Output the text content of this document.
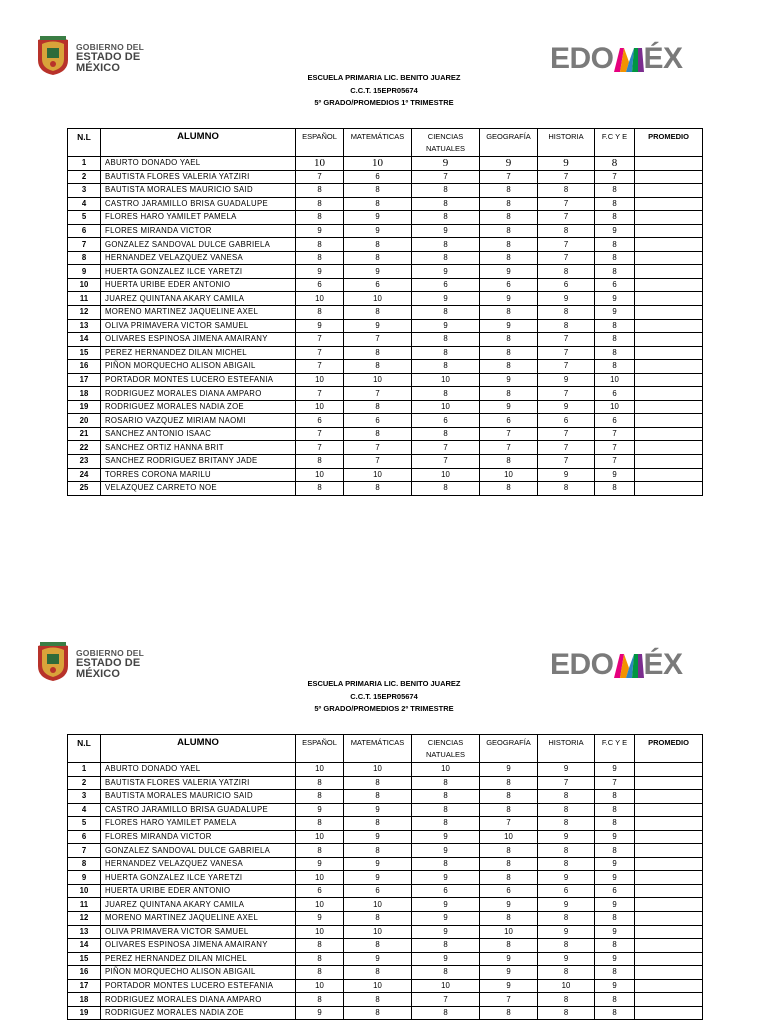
GOBIERNO DEL
ESTADO DE MÉXICO	EDO ÉX
ESCUELA PRIMARIA LIC. BENITO JUAREZ
C.C.T. 15EPR05674
5º GRADO/PROMEDIOS 1º TRIMESTRE
N.L	ALUMNO	ESPAÑOL	MATEMÁTICAS	CIENCIAS NATUALES	GEOGRAFÍA	HISTORIA	F.C Y E	PROMEDIO
1	ABURTO DONADO YAEL	10	10	9	9	9	8	
2	BAUTISTA FLORES VALERIA YATZIRI	7	6	7	7	7	7	
3	BAUTISTA MORALES MAURICIO SAID	8	8	8	8	8	8	
4	CASTRO JARAMILLO BRISA GUADALUPE	8	8	8	8	7	8	
5	FLORES HARO YAMILET PAMELA	8	9	8	8	7	8	
6	FLORES MIRANDA VICTOR	9	9	9	8	8	9	
7	GONZALEZ SANDOVAL DULCE GABRIELA	8	8	8	8	7	8	
8	HERNANDEZ VELAZQUEZ VANESA	8	8	8	8	7	8	
9	HUERTA GONZALEZ ILCE YARETZI	9	9	9	9	8	8	
10	HUERTA URIBE EDER ANTONIO	6	6	6	6	6	6	
11	JUAREZ QUINTANA AKARY CAMILA	10	10	9	9	9	9	
12	MORENO MARTINEZ JAQUELINE AXEL	8	8	8	8	8	9	
13	OLIVA PRIMAVERA VICTOR SAMUEL	9	9	9	9	8	8	
14	OLIVARES ESPINOSA JIMENA AMAIRANY	7	7	8	8	7	8	
15	PEREZ HERNANDEZ DILAN MICHEL	7	8	8	8	7	8	
16	PIÑON MORQUECHO ALISON ABIGAIL	7	8	8	8	7	8	
17	PORTADOR MONTES LUCERO ESTEFANIA	10	10	10	9	9	10	
18	RODRIGUEZ MORALES DIANA AMPARO	7	7	8	8	7	6	
19	RODRIGUEZ MORALES NADIA ZOE	10	8	10	9	9	10	
20	ROSARIO VAZQUEZ MIRIAM NAOMI	6	6	6	6	6	6	
21	SANCHEZ ANTONIO ISAAC	7	8	8	7	7	7	
22	SANCHEZ ORTIZ HANNA BRIT	7	7	7	7	7	7	
23	SANCHEZ RODRIGUEZ BRITANY JADE	8	7	7	8	7	7	
24	TORRES CORONA MARILU	10	10	10	10	9	9	
25	VELAZQUEZ CARRETO NOE	8	8	8	8	8	8	
GOBIERNO DEL
ESTADO DE MÉXICO	EDO ÉX
ESCUELA PRIMARIA LIC. BENITO JUAREZ
C.C.T. 15EPR05674
5º GRADO/PROMEDIOS 2º TRIMESTRE
N.L	ALUMNO	ESPAÑOL	MATEMÁTICAS	CIENCIAS NATUALES	GEOGRAFÍA	HISTORIA	F.C Y E	PROMEDIO
1	ABURTO DONADO YAEL	10	10	10	9	9	9	
2	BAUTISTA FLORES VALERIA YATZIRI	8	8	8	8	7	7	
3	BAUTISTA MORALES MAURICIO SAID	8	8	8	8	8	8	
4	CASTRO JARAMILLO BRISA GUADALUPE	9	9	8	8	8	8	
5	FLORES HARO YAMILET PAMELA	8	8	8	7	8	8	
6	FLORES MIRANDA VICTOR	10	9	9	10	9	9	
7	GONZALEZ SANDOVAL DULCE GABRIELA	8	8	9	8	8	8	
8	HERNANDEZ VELAZQUEZ VANESA	9	9	8	8	8	9	
9	HUERTA GONZALEZ ILCE YARETZI	10	9	9	8	9	9	
10	HUERTA URIBE EDER ANTONIO	6	6	6	6	6	6	
11	JUAREZ QUINTANA AKARY CAMILA	10	10	9	9	9	9	
12	MORENO MARTINEZ JAQUELINE AXEL	9	8	9	8	8	8	
13	OLIVA PRIMAVERA VICTOR SAMUEL	10	10	9	10	9	9	
14	OLIVARES ESPINOSA JIMENA AMAIRANY	8	8	8	8	8	8	
15	PEREZ HERNANDEZ DILAN MICHEL	8	9	9	9	9	9	
16	PIÑON MORQUECHO ALISON ABIGAIL	8	8	8	9	8	8	
17	PORTADOR MONTES LUCERO ESTEFANIA	10	10	10	9	10	9	
18	RODRIGUEZ MORALES DIANA AMPARO	8	8	7	7	8	8	
19	RODRIGUEZ MORALES NADIA ZOE	9	8	8	8	8	8	
